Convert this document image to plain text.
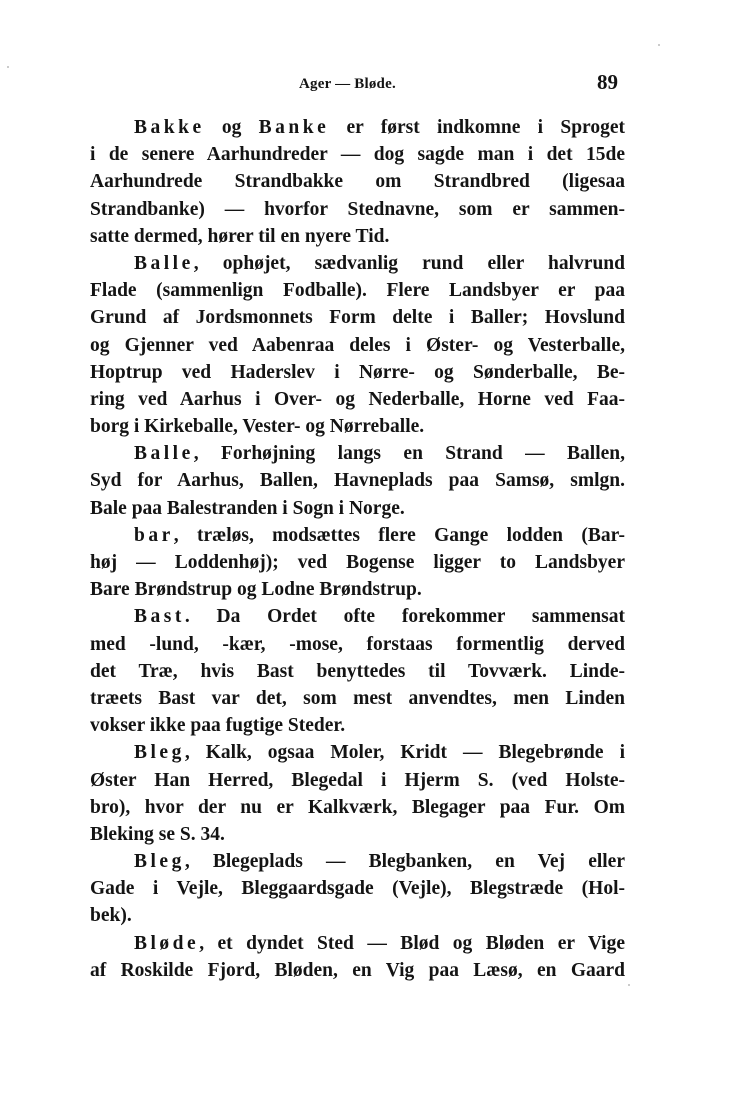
Ager — Bløde.	89
Bakke og Banke er først indkomne i Sproget
i de senere Aarhundreder — dog sagde man i det 15de
Aarhundrede Strandbakke om Strandbred (ligesaa
Strandbanke) — hvorfor Stednavne, som er sammen-
satte dermed, hører til en nyere Tid.
Balle, ophøjet, sædvanlig rund eller halvrund
Flade (sammenlign Fodballe). Flere Landsbyer er paa
Grund af Jordsmonnets Form delte i Baller; Hovslund
og Gjenner ved Aabenraa deles i Øster- og Vesterballe,
Hoptrup ved Haderslev i Nørre- og Sønderballe, Be-
ring ved Aarhus i Over- og Nederballe, Horne ved Faa-
borg i Kirkeballe, Vester- og Nørreballe.
Balle, Forhøjning langs en Strand — Ballen,
Syd for Aarhus, Ballen, Havneplads paa Samsø, smlgn.
Bale paa Balestranden i Sogn i Norge.
bar, træløs, modsættes flere Gange lodden (Bar-
høj — Loddenhøj); ved Bogense ligger to Landsbyer
Bare Brøndstrup og Lodne Brøndstrup.
Bast. Da Ordet ofte forekommer sammensat
med -lund, -kær, -mose, forstaas formentlig derved
det Træ, hvis Bast benyttedes til Tovværk. Linde-
træets Bast var det, som mest anvendtes, men Linden
vokser ikke paa fugtige Steder.
Bleg, Kalk, ogsaa Moler, Kridt — Blegebrønde i
Øster Han Herred, Blegedal i Hjerm S. (ved Holste-
bro), hvor der nu er Kalkværk, Blegager paa Fur. Om
Bleking se S. 34.
Bleg, Blegeplads — Blegbanken, en Vej eller
Gade i Vejle, Bleggaardsgade (Vejle), Blegstræde (Hol-
bek).
Bløde, et dyndet Sted — Blød og Bløden er Vige
af Roskilde Fjord, Bløden, en Vig paa Læsø, en Gaard
